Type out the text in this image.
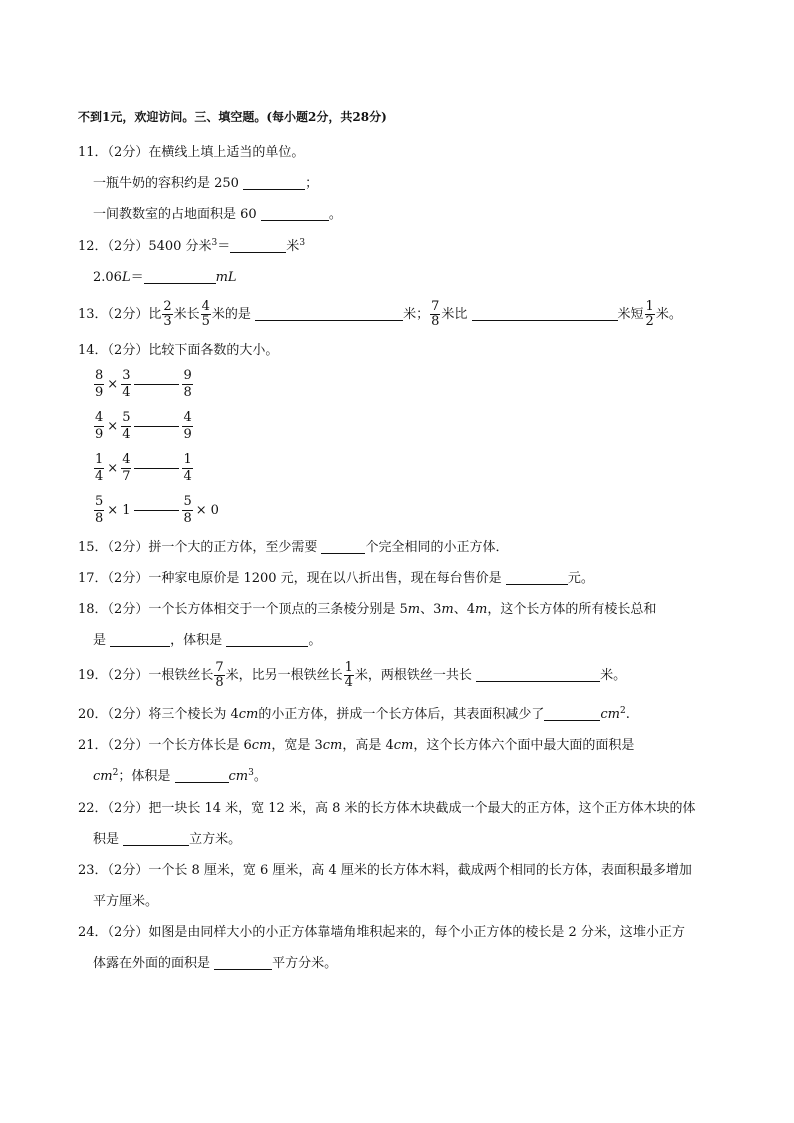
不到1元，欢迎访问。三、填空题。(每小题2分，共28分)
11．（2分）在横线上填上适当的单位。
一瓶牛奶的容积约是 250	；
一间教数室的占地面积是 60	。
12．（2分）5400 分米$^3$＝	米$^3$
2.06L＝	mL
13．（2分）比 $\frac{2}{3}$ 米长 $\frac{4}{5}$ 米的是	米； $\frac{7}{8}$ 米比	米短 $\frac{1}{2}$ 米。
14．（2分）比较下面各数的大小。
$\frac{8}{9} \times \frac{3}{4}$	$\frac{9}{8}$
$\frac{4}{9} \times \frac{5}{4}$	$\frac{4}{9}$
$\frac{1}{4} \times \frac{4}{7}$	$\frac{1}{4}$
$\frac{5}{8} \times 1$	$\frac{5}{8} \times 0$
15．（2分）拼一个大的正方体，至少需要	个完全相同的小正方体．
17．（2分）一种家电原价是 1200 元，现在以八折出售，现在每台售价是	元。
18．（2分）一个长方体相交于一个顶点的三条棱分别是 5m、3m、4m，这个长方体的所有棱长总和
是	，体积是	。
19．（2分）一根铁丝长 $\frac{7}{8}$ 米，比另一根铁丝长 $\frac{1}{4}$ 米，两根铁丝一共长	米。
20．（2分）将三个棱长为 4cm的小正方体，拼成一个长方体后，其表面积减少了	$cm^2$.
21．（2分）一个长方体长是 6cm，宽是 3cm，高是 4cm，这个长方体六个面中最大面的面积是
$cm^2$；体积是	$cm^3$。
22．（2分）把一块长 14 米，宽 12 米，高 8 米的长方体木块截成一个最大的正方体，这个正方体木块的体
积是	立方米。
23．（2分）一个长 8 厘米，宽 6 厘米，高 4 厘米的长方体木料，截成两个相同的长方体，表面积最多增加
平方厘米。
24．（2分）如图是由同样大小的小正方体靠墙角堆积起来的，每个小正方体的棱长是 2 分米，这堆小正方
体露在外面的面积是	平方分米。
